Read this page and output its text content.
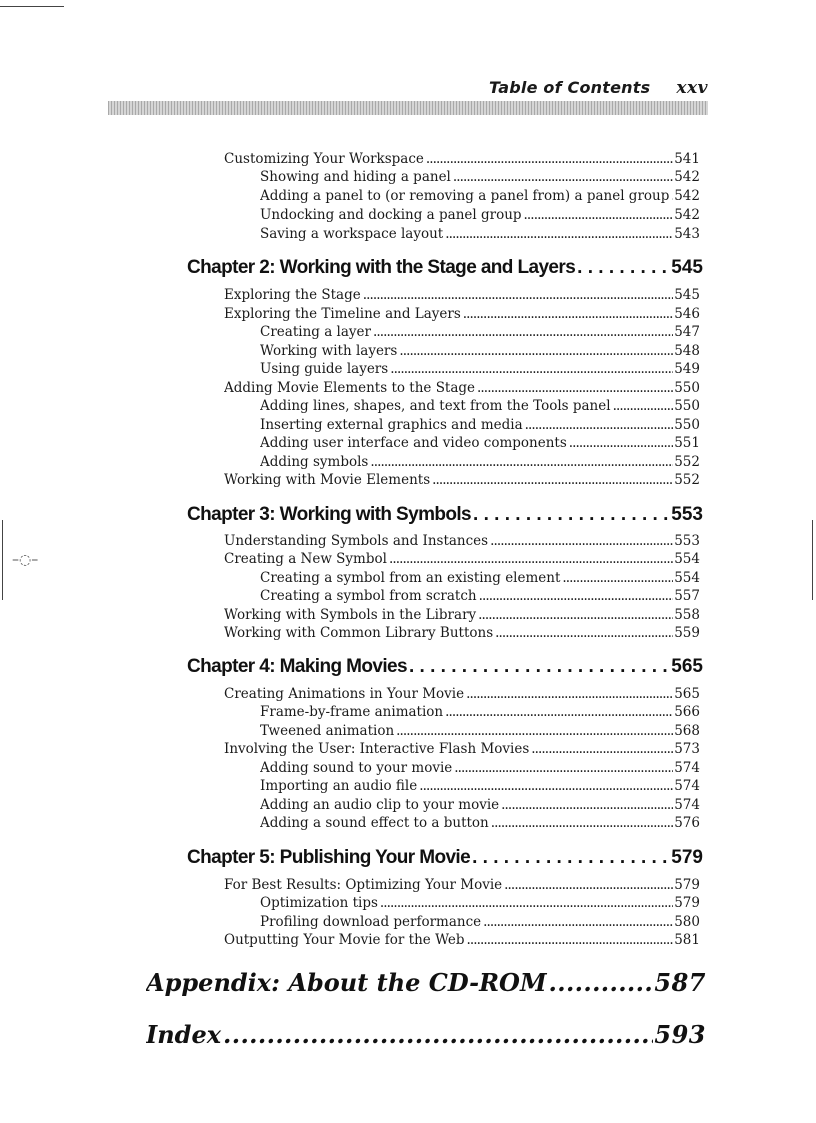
–◌–
Table of Contents xxv
Customizing Your Workspace . . .	541
Showing and hiding a panel . . .	542
Adding a panel to (or removing a panel from) a panel group . . . 542
Undocking and docking a panel group . . .	542
Saving a workspace layout . . .	543
Chapter 2: Working with the Stage and Layers . . .	545
Exploring the Stage . . .	545
Exploring the Timeline and Layers . . .	546
Creating a layer . . .	547
Working with layers . . .	548
Using guide layers . . .	549
Adding Movie Elements to the Stage . . .	550
Adding lines, shapes, and text from the Tools panel . . .	550
Inserting external graphics and media . . .	550
Adding user interface and video components . . .	551
Adding symbols . . .	552
Working with Movie Elements . . .	552
Chapter 3: Working with Symbols . . .	553
Understanding Symbols and Instances . . .	553
Creating a New Symbol . . .	554
Creating a symbol from an existing element . . .	554
Creating a symbol from scratch . . .	557
Working with Symbols in the Library . . .	558
Working with Common Library Buttons . . .	559
Chapter 4: Making Movies . . .	565
Creating Animations in Your Movie . . .	565
Frame-by-frame animation . . .	566
Tweened animation . . .	568
Involving the User: Interactive Flash Movies . . .	573
Adding sound to your movie . . .	574
Importing an audio file . . .	574
Adding an audio clip to your movie . . .	574
Adding a sound effect to a button . . .	576
Chapter 5: Publishing Your Movie . . .	579
For Best Results: Optimizing Your Movie . . .	579
Optimization tips . . .	579
Profiling download performance . . .	580
Outputting Your Movie for the Web . . .	581
Appendix: About the CD-ROM . . .	587
Index . . .	593
